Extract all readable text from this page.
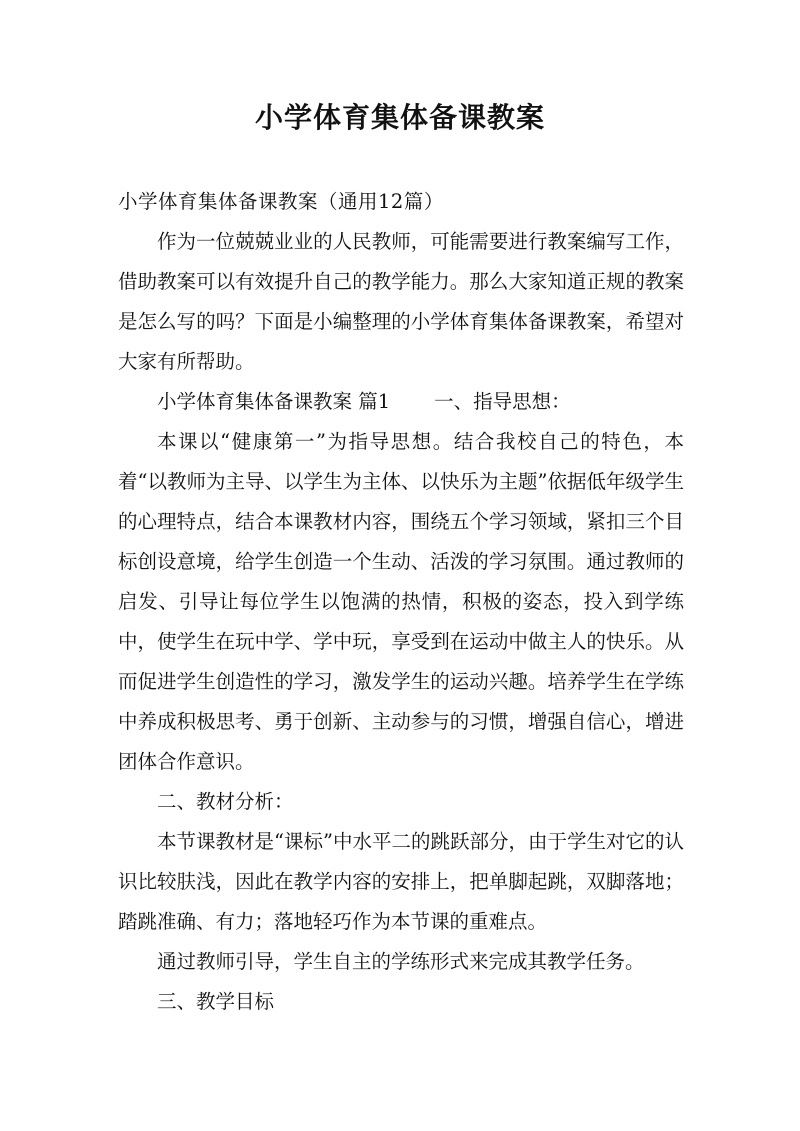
小学体育集体备课教案

小学体育集体备课教案（通用12篇）

作为一位兢兢业业的人民教师，可能需要进行教案编写工作，借助教案可以有效提升自己的教学能力。那么大家知道正规的教案是怎么写的吗？下面是小编整理的小学体育集体备课教案，希望对大家有所帮助。

小学体育集体备课教案 篇1 一、指导思想：

本课以“健康第一”为指导思想。结合我校自己的特色，本着“以教师为主导、以学生为主体、以快乐为主题”依据低年级学生的心理特点，结合本课教材内容，围绕五个学习领域，紧扣三个目标创设意境，给学生创造一个生动、活泼的学习氛围。通过教师的启发、引导让每位学生以饱满的热情，积极的姿态，投入到学练中，使学生在玩中学、学中玩，享受到在运动中做主人的快乐。从而促进学生创造性的学习，激发学生的运动兴趣。培养学生在学练中养成积极思考、勇于创新、主动参与的习惯，增强自信心，增进团体合作意识。

二、教材分析：

本节课教材是“课标”中水平二的跳跃部分，由于学生对它的认识比较肤浅，因此在教学内容的安排上，把单脚起跳，双脚落地；踏跳准确、有力；落地轻巧作为本节课的重难点。

通过教师引导，学生自主的学练形式来完成其教学任务。

三、教学目标
